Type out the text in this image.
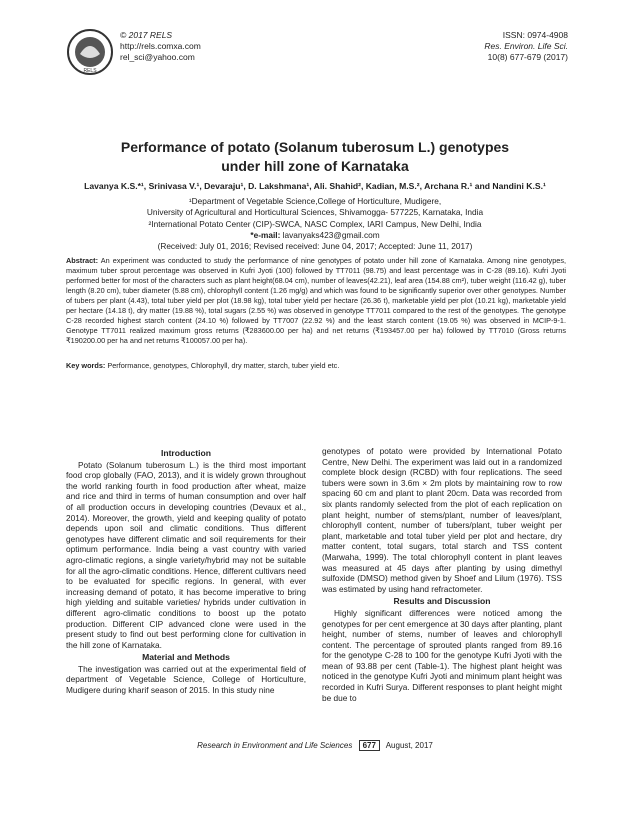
RELS
© 2017 RELS
http://rels.comxa.com
rel_sci@yahoo.com
ISSN: 0974-4908
Res. Environ. Life Sci.
10(8) 677-679 (2017)
Performance of potato (Solanum tuberosum L.) genotypes
under hill zone of Karnataka
Lavanya K.S.*¹, Srinivasa V.¹, Devaraju¹, D. Lakshmana¹, Ali. Shahid², Kadian, M.S.², Archana R.¹ and Nandini K.S.¹
¹Department of Vegetable Science,College of Horticulture, Mudigere,
University of Agricultural and Horticultural Sciences, Shivamogga- 577225, Karnataka, India
²International Potato Center (CIP)-SWCA, NASC Complex, IARI Campus, New Delhi, India
*e-mail: lavanyaks423@gmail.com
(Received: July 01, 2016; Revised received: June 04, 2017; Accepted: June 11, 2017)
Abstract: An experiment was conducted to study the performance of nine genotypes of potato under hill zone of Karnataka. Among nine genotypes, maximum tuber sprout percentage was observed in Kufri Jyoti (100) followed by TT7011 (98.75) and least percentage was in C-28 (89.16). Kufri Jyoti performed better for most of the characters such as plant height(68.04 cm), number of leaves(42.21), leaf area (154.88 cm²), tuber weight (116.42 g), tuber length (8.20 cm), tuber diameter (5.88 cm), chlorophyll content (1.26 mg/g) and which was found to be significantly superior over other genotypes. Number of tubers per plant (4.43), total tuber yield per plot (18.98 kg), total tuber yield per hectare (26.36 t), marketable yield per plot (10.21 kg), marketable yield per hectare (14.18 t), dry matter (19.88 %), total sugars (2.55 %) was observed in genotype TT7011 compared to the rest of the genotypes. The genotype C-28 recorded highest starch content (24.10 %) followed by TT7007 (22.92 %) and the least starch content (19.05 %) was observed in MCIP-9-1. Genotype TT7011 realized maximum gross returns (₹283600.00 per ha) and net returns (₹193457.00 per ha) followed by TT7010 (Gross returns ₹190200.00 per ha and net returns ₹100057.00 per ha).
Key words: Performance, genotypes, Chlorophyll, dry matter, starch, tuber yield etc.
Introduction

Potato (Solanum tuberosum L.) is the third most important food crop globally (FAO, 2013), and it is widely grown throughout the world ranking fourth in food production after wheat, maize and rice and third in terms of human consumption and over half of all production occurs in developing countries (Devaux et al., 2014). Moreover, the growth, yield and keeping quality of potato depends upon soil and climatic conditions. Thus different genotypes have different climatic and soil requirements for their optimum performance. India being a vast country with varied agro-climatic regions, a single variety/hybrid may not be suitable for all the agro-climatic conditions. Hence, different cultivars need to be evaluated for specific regions. In general, with ever increasing demand of potato, it has become imperative to bring high yielding and suitable varieties/ hybrids under cultivation in different agro-climatic conditions to boost up the potato production. Different CIP advanced clone were used in the present study to find out best performing clone for cultivation in the hill zone of Karnataka.

Material and Methods

The investigation was carried out at the experimental field of department of Vegetable Science, College of Horticulture, Mudigere during kharif season of 2015. In this study nine

genotypes of potato were provided by International Potato Centre, New Delhi. The experiment was laid out in a randomized complete block design (RCBD) with four replications. The seed tubers were sown in 3.6m × 2m plots by maintaining row to row spacing 60 cm and plant to plant 20cm. Data was recorded from six plants randomly selected from the plot of each replication on plant height, number of stems/plant, number of leaves/plant, chlorophyll content, number of tubers/plant, tuber weight per plant, marketable and total tuber yield per plot and hectare, dry matter content, total sugars, total starch and TSS content (Marwaha, 1999). The total chlorophyll content in plant leaves was measured at 45 days after planting by using dimethyl sulfoxide (DMSO) method given by Shoef and Lilum (1976). TSS was estimated by using hand refractometer.

Results and Discussion

Highly significant differences were noticed among the genotypes for per cent emergence at 30 days after planting, plant height, number of stems, number of leaves and chlorophyll content. The percentage of sprouted plants ranged from 89.16 for the genotype C-28 to 100 for the genotype Kufri Jyoti with the mean of 93.88 per cent (Table-1). The highest plant height was noticed in the genotype Kufri Jyoti and minimum plant height was recorded in Kufri Surya. Different responses to plant height might be due to

Research in Environment and Life Sciences 677 August, 2017
